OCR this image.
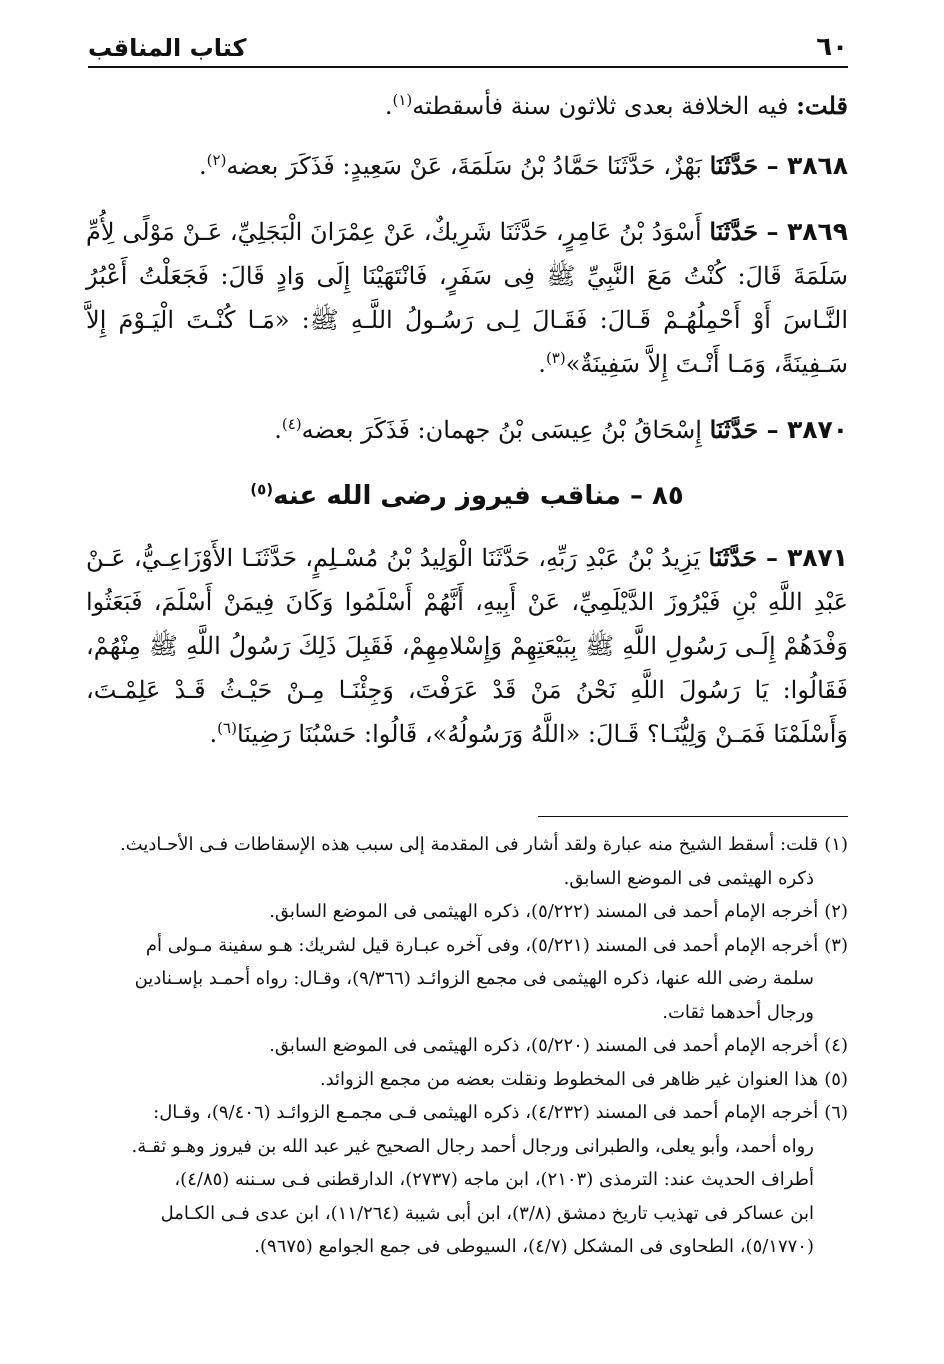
٦٠
كتاب المناقب

قلت: فيه الخلافة بعدى ثلاثون سنة فأسقطته$^{(١)}$.

٣٨٦٨ – حَدَّثَنَا بَهْزٌ، حَدَّثَنَا حَمَّادُ بْنُ سَلَمَةَ، عَنْ سَعِيدٍ: فَذَكَرَ بعضه$^{(٢)}$.

٣٨٦٩ – حَدَّثَنَا أَسْوَدُ بْنُ عَامِرٍ، حَدَّثَنَا شَرِيكٌ، عَنْ عِمْرَانَ الْبَجَلِيِّ، عَـنْ مَوْلًى لِأُمِّ سَلَمَةَ قَالَ: كُنْتُ مَعَ النَّبِيِّ ﷺ فِى سَفَرٍ، فَانْتَهَيْنَا إِلَى وَادٍ قَالَ: فَجَعَلْتُ أَعْبُرُ النَّـاسَ أَوْ أَحْمِلُهُـمْ قَـالَ: فَقَـالَ لِـى رَسُـولُ اللَّـهِ ﷺ: «مَـا كُنْـتَ الْيَـوْمَ إِلاَّ سَـفِينَةً، وَمَـا أَنْـتَ إِلاَّ سَفِينَةٌ»$^{(٣)}$.

٣٨٧٠ – حَدَّثَنَا إِسْحَاقُ بْنُ عِيسَى بْنُ جهمان: فَذَكَرَ بعضه$^{(٤)}$.

٨٥ – مناقب فيروز رضى الله عنه$^{(٥)}$

٣٨٧١ – حَدَّثَنَا يَزِيدُ بْنُ عَبْدِ رَبِّهِ، حَدَّثَنَا الْوَلِيدُ بْنُ مُسْـلِمٍ، حَدَّثَنَـا الأَوْزَاعِـيُّ، عَـنْ عَبْدِ اللَّهِ بْنِ فَيْرُوزَ الدَّيْلَمِيِّ، عَنْ أَبِيهِ، أَنَّهُمْ أَسْلَمُوا وَكَانَ فِيمَنْ أَسْلَمَ، فَبَعَثُوا وَفْدَهُمْ إِلَـى رَسُولِ اللَّهِ ﷺ بِبَيْعَتِهِمْ وَإِسْلامِهِمْ، فَقَبِلَ ذَلِكَ رَسُولُ اللَّهِ ﷺ مِنْهُمْ، فَقَالُوا: يَا رَسُولَ اللَّهِ نَحْنُ مَنْ قَدْ عَرَفْتَ، وَجِئْنَـا مِـنْ حَيْـثُ قَـدْ عَلِمْـتَ، وَأَسْلَمْنَا فَمَـنْ وَلِيُّنَـا؟ قَـالَ: «اللَّهُ وَرَسُولُهُ»، قَالُوا: حَسْبُنَا رَضِينَا$^{(٦)}$.

(١)قلت: أسقط الشيخ منه عبارة ولقد أشار فى المقدمة إلى سبب هذه الإسقاطات فـى الأحـاديث.

ذكره الهيثمى فى الموضع السابق.

(٢)أخرجه الإمام أحمد فى المسند (٥/٢٢٢)، ذكره الهيثمى فى الموضع السابق.

(٣)أخرجه الإمام أحمد فى المسند (٥/٢٢١)، وفى آخره عبـارة قيل لشريك: هـو سفينة مـولى أم

سلمة رضى الله عنها، ذكره الهيثمى فى مجمع الزوائـد (٩/٣٦٦)، وقـال: رواه أحمـد بإسـنادين

ورجال أحدهما ثقات.

(٤)أخرجه الإمام أحمد فى المسند (٥/٢٢٠)، ذكره الهيثمى فى الموضع السابق.

(٥)هذا العنوان غير ظاهر فى المخطوط ونقلت بعضه من مجمع الزوائد.

(٦)أخرجه الإمام أحمد فى المسند (٤/٢٣٢)، ذكره الهيثمى فـى مجمـع الزوائـد (٩/٤٠٦)، وقـال:

رواه أحمد، وأبو يعلى، والطبرانى ورجال أحمد رجال الصحيح غير عبد الله بن فيروز وهـو ثقـة.

أطراف الحديث عند: الترمذى (٢١٠٣)، ابن ماجه (٢٧٣٧)، الدارقطنى فـى سـننه (٤/٨٥)،

ابن عساكر فى تهذيب تاريخ دمشق (٣/٨)، ابن أبى شيبة (١١/٢٦٤)، ابن عدى فـى الكـامل

(٥/١٧٧٠)، الطحاوى فى المشكل (٤/٧)، السيوطى فى جمع الجوامع (٩٦٧٥).
